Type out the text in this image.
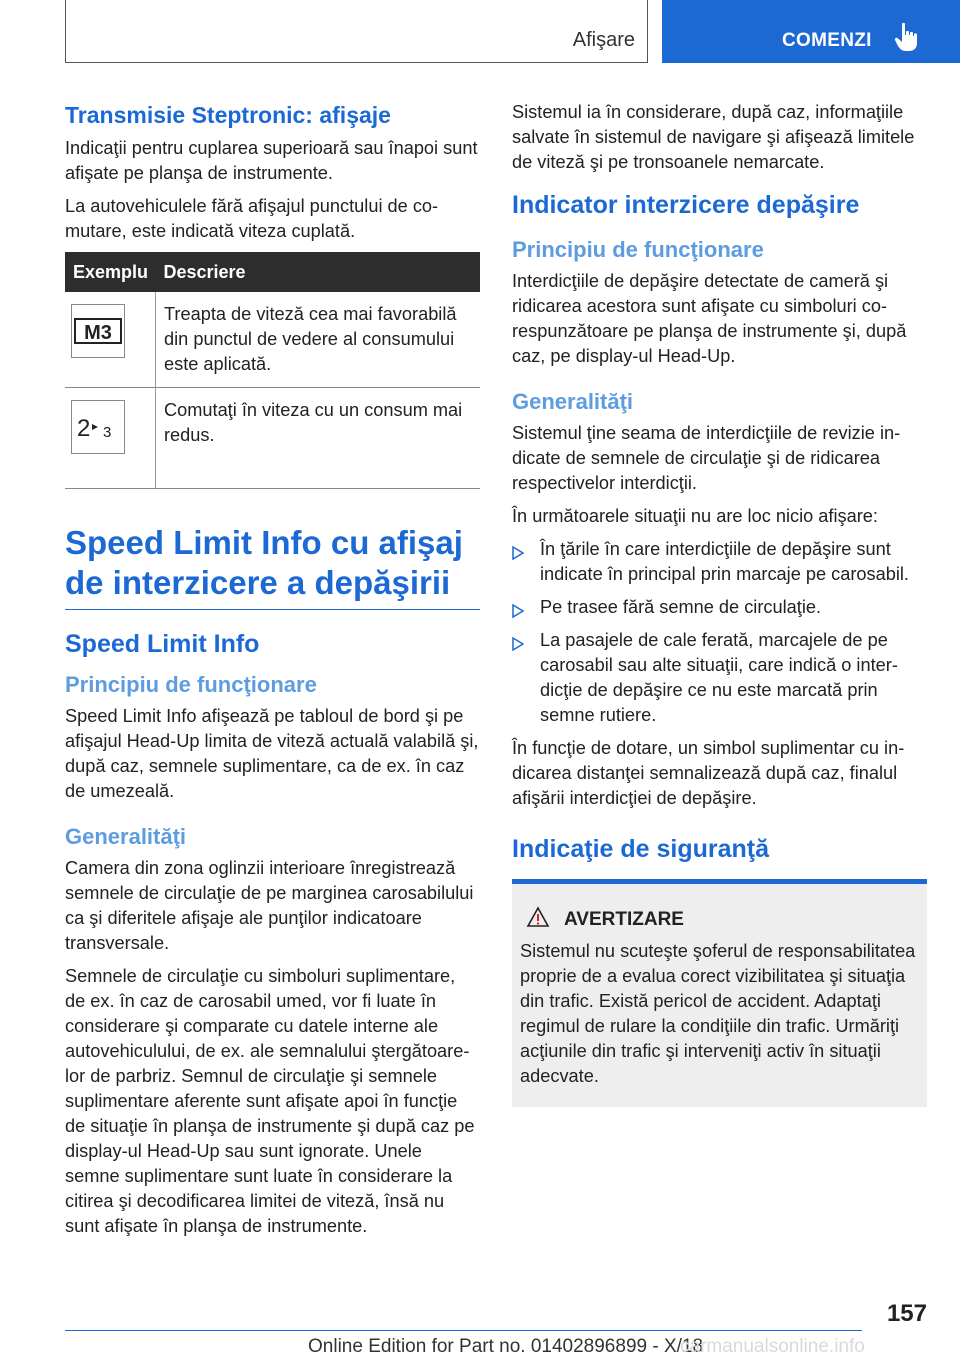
Afişare	COMENZI
Transmisie Steptronic: afişaje

Indicaţii pentru cuplarea superioară sau înapoi sunt afişate pe planşa de instrumente.

La autovehiculele fără afişajul punctului de comutare, este indicată viteza cuplată.

Exemplu	Descriere

M3	Treapta de viteză cea mai favorabilă din punctul de vedere al consumului este aplicată.

2 3	Comutaţi în viteza cu un consum mai redus.

Speed Limit Info cu afişaj de interzicere a depăşirii
Speed Limit Info
Principiu de funcţionare

Speed Limit Info afişează pe tabloul de bord şi pe afişajul Head-Up limita de viteză actuală valabilă şi, după caz, semnele suplimentare, ca de ex. în caz de umezeală.

Generalităţi

Camera din zona oglinzii interioare înregistrează semnele de circulaţie de pe marginea carosabilului ca şi diferitele afişaje ale punţilor indicatoare transversale.

Semnele de circulaţie cu simboluri suplimentare, de ex. în caz de carosabil umed, vor fi luate în considerare şi comparate cu datele interne ale autovehiculului, de ex. ale semnalului ştergătoarelor de parbriz. Semnul de circulaţie şi semnele suplimentare aferente sunt afişate apoi în funcţie de situaţie în planşa de instrumente şi după caz pe display-ul Head-Up sau sunt ignorate. Unele semne suplimentare sunt luate în considerare la citirea şi decodificarea limitei de viteză, însă nu sunt afişate în planşa de instrumente.

Sistemul ia în considerare, după caz, informaţiile salvate în sistemul de navigare şi afişează limitele de viteză şi pe tronsoanele nemarcate.

Indicator interzicere depăşire
Principiu de funcţionare

Interdicţiile de depăşire detectate de cameră şi ridicarea acestora sunt afişate cu simboluri corespunzătoare pe planşa de instrumente şi, după caz, pe display-ul Head-Up.

Generalităţi

Sistemul ţine seama de interdicţiile de revizie indicate de semnele de circulaţie şi de ridicarea respectivelor interdicţii.

În următoarele situaţii nu are loc nicio afişare:

În ţările în care interdicţiile de depăşire sunt indicate în principal prin marcaje pe carosabil.
Pe trasee fără semne de circulaţie.
La pasajele de cale ferată, marcajele de pe carosabil sau alte situaţii, care indică o interdicţie de depăşire ce nu este marcată prin semne rutiere.

În funcţie de dotare, un simbol suplimentar cu indicarea distanţei semnalizează după caz, finalul afişării interdicţiei de depăşire.

Indicaţie de siguranţă
AVERTIZARE

Sistemul nu scuteşte şoferul de responsabilitatea proprie de a evalua corect vizibilitatea şi situaţia din trafic. Există pericol de accident. Adaptaţi regimul de rulare la condiţiile din trafic. Urmăriţi acţiunile din trafic şi interveniţi activ în situaţii adecvate.

157
Online Edition for Part no. 01402896899 - X/18
carmanualsonline.info
